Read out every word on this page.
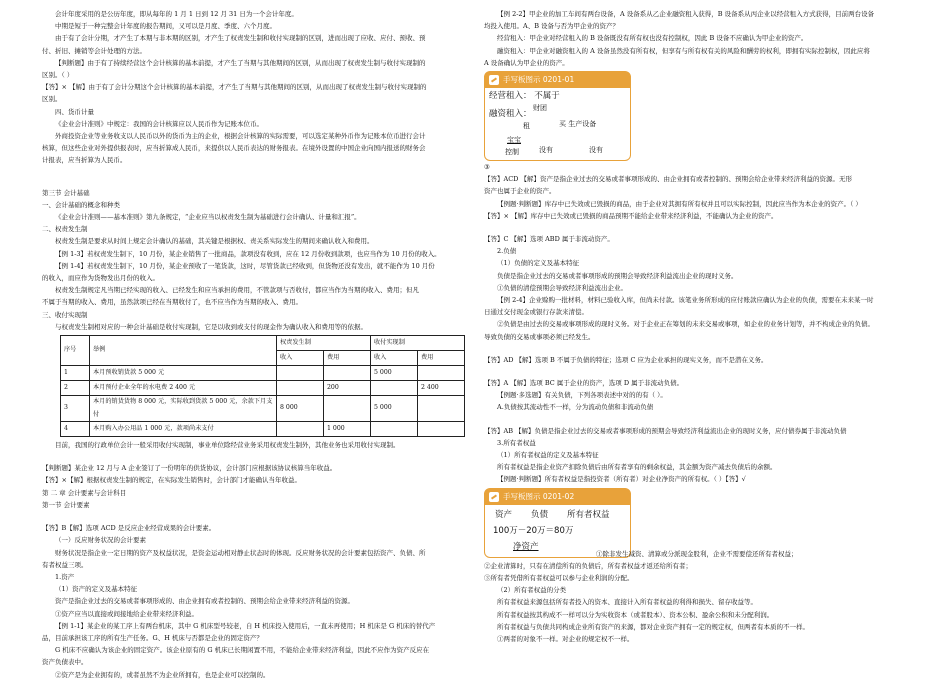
会计年度采用的是公历年度，即从每年的 1 月 1 日到 12 月 31 日为一个会计年度。

中期是短于一种完整会计年度的报告期间，又可以是月度、季度、六个月度。

由于有了会计分期，才产生了本期与非本期的区别，才产生了权责发生制和收付实现制的区别，进而出现了应收、应付、预收、预

付、折旧、摊销等会计处理的方法。

【判断题】由于有了持续经营这个会计核算的基本前提，才产生了当期与其他期间的区别，从而出现了权责发生制与收付实现制的

区别。（ ）

【答】× 【解】由于有了会计分期这个会计核算的基本前提，才产生了当期与其他期间的区别，从而出现了权责发生制与收付实现制的

区别。

四、货币计量

《企业会计准则》中规定：我国的会计核算应以人民币作为记账本位币。

外商投资企业等业务收支以人民币以外的货币为主的企业，根据会计核算的实际需要，可以选定某种外币作为记账本位币进行会计

核算，但这些企业对外提供报表时，应当折算成人民币，来提供以人民币表达的财务报表。在境外设置的中国企业向国内报送的财务会

计报表，应当折算为人民币。

第三节 会计基础

一、会计基础的概念和种类

《企业会计准则——基本准则》第九条规定，“企业应当以权责发生制为基础进行会计确认、计量和汇报”。

二、权责发生制

权责发生制是要求从时间上规定会计确认的基础，其关键是根据权、责关系实际发生的期间来确认收入和费用。

【例 1-3】若权责发生制下，10 月份，某企业销售了一批商品，款项没有收到，应在 12 月份收到款项，也应当作为 10 月份的收入。

【例 1-4】若权责发生制下，10 月份，某企业预收了一笔货款，这时，尽管货款已经收到，但货物还没有发出，就不能作为 10 月份

的收入，而应作为货物发出月份的收入。

权责发生制规定凡当期已经实现的收入、已经发生和应当承担的费用，不管款项与否收付，都应当作为当期的收入、费用；但凡

不属于当期的收入、费用，虽然款项已经在当期收付了，也不应当作为当期的收入、费用。

三、收付实现制

与权责发生制相对应的一种会计基础是收付实现制，它是以收到或支付的现金作为确认收入和费用等的依据。

序号	举例	权责发生制		收付实现制	
		收入	费用	收入	费用
1	本月预收销货款 5 000 元			5 000	
2	本月预付企业全年的水电费 2 400 元		200		2 400
3	本月的销货货物 8 000 元，实际收到货款 5 000 元，余款下月支付	8 000		5 000	
4	本月购入办公用品 1 000 元，款项尚未支付		1 000		

目前，我国的行政单位会计一般采用收付实现制，事业单位除经营业务采用权责发生制外，其他业务也采用收付实现制。

【判断题】某企业 12 月与 A 企业签订了一份明年的供货协议，会计部门应根据该协议核算当年收益。

【答】×【解】根据权责发生制的规定，在实际发生销售时，会计部门才能确认当年收益。

第 二 章 会计要素与会计科目

第一节 会计要素

【答】B【解】选项 ACD 是反应企业经营成果的会计要素。

（一）反应财务状况的会计要素

财务状况是指企业一定日期的资产及权益状况，是资金运动相对静止状态时的体现。反应财务状况的会计要素包括资产、负债、所

有者权益三项。

1.资产

（1）资产的定义及基本特征

资产是指企业过去的交易或者事项形成的、由企业拥有或者控制的、预期会给企业带来经济利益的资源。

①资产应当以直接或间接地给企业带来经济利益。

【例 1-1】某企业的某工序上有两台机床，其中 G 机床型号较老，自 H 机床投入使用后，一直未再使用；H 机床是 G 机床的替代产

品，目前承担该工序的所有生产任务。G、H 机床与否都是企业的固定资产？

G 机床不应确认为该企业的固定资产。该企业原有的 G 机床已长期闲置不用，不能给企业带来经济利益，因此不应作为资产反应在

资产负债表中。

②资产是为企业拥有的，或者虽然不为企业所拥有，也是企业可以控制的。

【例 2-2】甲企业的加工车间有两台设备，A 设备系从乙企业融资租入获得，B 设备系从丙企业以经营租入方式获得，目前两台设备

均投入使用。A、B 设备与否为甲企业的资产？

经营租入：甲企业对经营租入的 B 设备既没有所有权也没有控制权，因此 B 设备不应确认为甲企业的资产。

融资租入：甲企业对融资租入的 A 设备虽然没有所有权，但享有与所有权有关的风险和酬劳的权利，即拥有实际控制权，因此应将

A 设备确认为甲企业的资产。

手写板图示 0201-01
经营租入： 不属于
融资租入：
财团
租	买 生产设备
宝宝
控制	没有	没有

③

【答】ACD 【解】资产是指企业过去的交易或者事项形成的、由企业拥有或者控制的、预期会给企业带来经济利益的资源。无形

资产也属于企业的资产。

【例题·判断题】库存中已失效或已毁损的商品，由于企业对其拥有所有权并且可以实际控制，因此应当作为本企业的资产。（ ）

【答】× 【解】库存中已失效或已毁损的商品预期不能给企业带来经济利益，不能确认为企业的资产。

【答】C 【解】选项 ABD 属于非流动资产。

2.负债

（1）负债的定义及基本特征

负债是指企业过去的交易或者事项形成的预期会导致经济利益流出企业的现时义务。

①负债的清偿预期会导致经济利益流出企业。

【例 2-4】企业赊购一批材料，材料已验收入库，但尚未付款。该笔业务所形成的应付账款应确认为企业的负债，需要在未来某一时

日通过交付现金或银行存款来清偿。

②负债是由过去的交易或事项形成的现时义务。对于企业正在筹划的未来交易或事项，如企业的业务计划等，并不构成企业的负债。

导致负债的交易或事项必须已经发生。

【答】AD 【解】选项 B 不属于负债的特征；选项 C 应为企业承担的现实义务，而不是潜在义务。

【答】A 【解】选项 BC 属于企业的资产，选项 D 属于非流动负债。

【例题·多选题】有关负债，下列各项表述中对的的有（ ）。

A.负债按其流动性不一样，分为流动负债和非流动负债

【答】AB 【解】负债是指企业过去的交易或者事项形成的预期会导致经济利益流出企业的现时义务，应付债券属于非流动负债

3.所有者权益

（1）所有者权益的定义及基本特征

所有者权益是指企业资产扣除负债后由所有者享有的剩余权益，其金额为资产减去负债后的余额。

【例题·判断题】所有者权益是指投资者（所有者）对企业净资产的所有权。（ ）【答】√

手写板图示 0201-02
资产 负债 所有者权益
100万－20万＝80万
净资产

①除非发生减资、清算或分派现金股利，企业不需要偿还所有者权益；

②企业清算时，只有在清偿所有的负债后，所有者权益才返还给所有者；

③所有者凭借所有者权益可以参与企业利润的分配。

（2）所有者权益的分类

所有者权益来源包括所有者投入的资本、直接计入所有者权益的利得和损失、留存收益等。

所有者权益按其构成不一样可以分为实收资本（或者股本）、资本公积、盈余公积和未分配利润。

所有者权益与负债共同构成企业所有资产的来源，都对企业资产拥有一定的规定权，但两者有本质的不一样。

①两者的对象不一样。对企业的规定权不一样。
